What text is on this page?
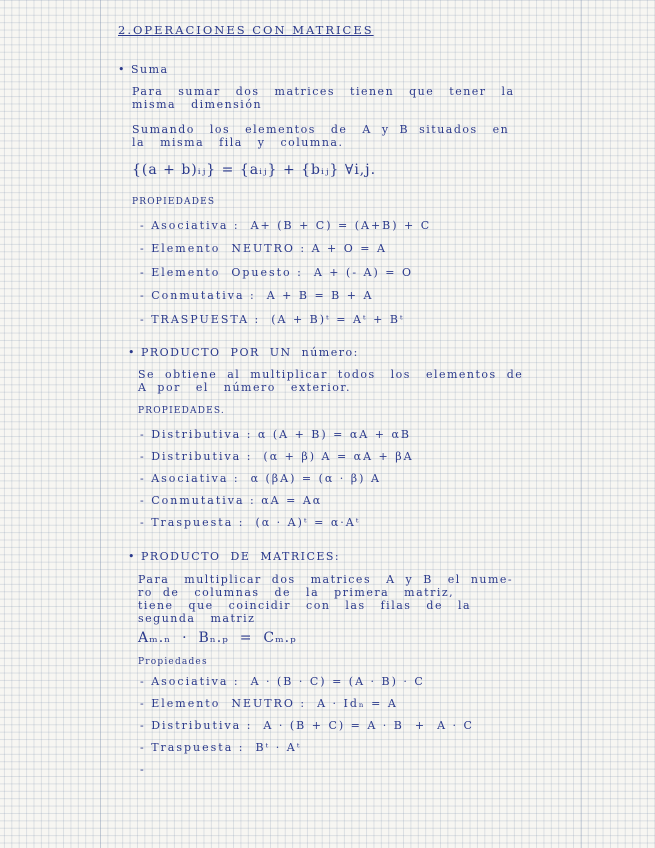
2.OPERACIONES CON MATRICES
• Suma
Para   sumar   dos   matrices   tienen   que   tener   la
misma   dimensión
Sumando   los   elementos   de   A  y  B  situados   en
la   misma   fila   y   columna.
{(a + b)ᵢⱼ} = {aᵢⱼ} + {bᵢⱼ} ∀i,j.
PROPIEDADES
- Asociativa :  A+ (B + C) = (A+B) + C
- Elemento  NEUTRO : A + O = A
- Elemento  Opuesto :  A + (- A) = O
- Conmutativa :  A + B = B + A
- TRASPUESTA :  (A + B)ᵗ = Aᵗ + Bᵗ
• PRODUCTO  POR  UN  número:
Se  obtiene  al  multiplicar  todos   los   elementos  de
A  por   el   número   exterior.
PROPIEDADES.
- Distributiva : α (A + B) = αA + αB
- Distributiva :  (α + β) A = αA + βA
- Asociativa :  α (βA) = (α · β) A
- Conmutativa : αA = Aα
- Traspuesta :  (α · A)ᵗ = α·Aᵗ
• PRODUCTO  DE  MATRICES:
Para   multiplicar  dos   matrices   A  y  B   el  nume-
ro  de   columnas   de   la   primera   matriz,
tiene   que   coincidir   con   las   filas   de   la
segunda   matriz
Aₘ.ₙ  ·  Bₙ.ₚ  =  Cₘ.ₚ
Propiedades
- Asociativa :  A · (B · C) = (A · B) · C
- Elemento  NEUTRO :  A · Idₙ = A
- Distributiva :  A · (B + C) = A · B  +  A · C
- Traspuesta :  Bᵗ · Aᵗ
-
